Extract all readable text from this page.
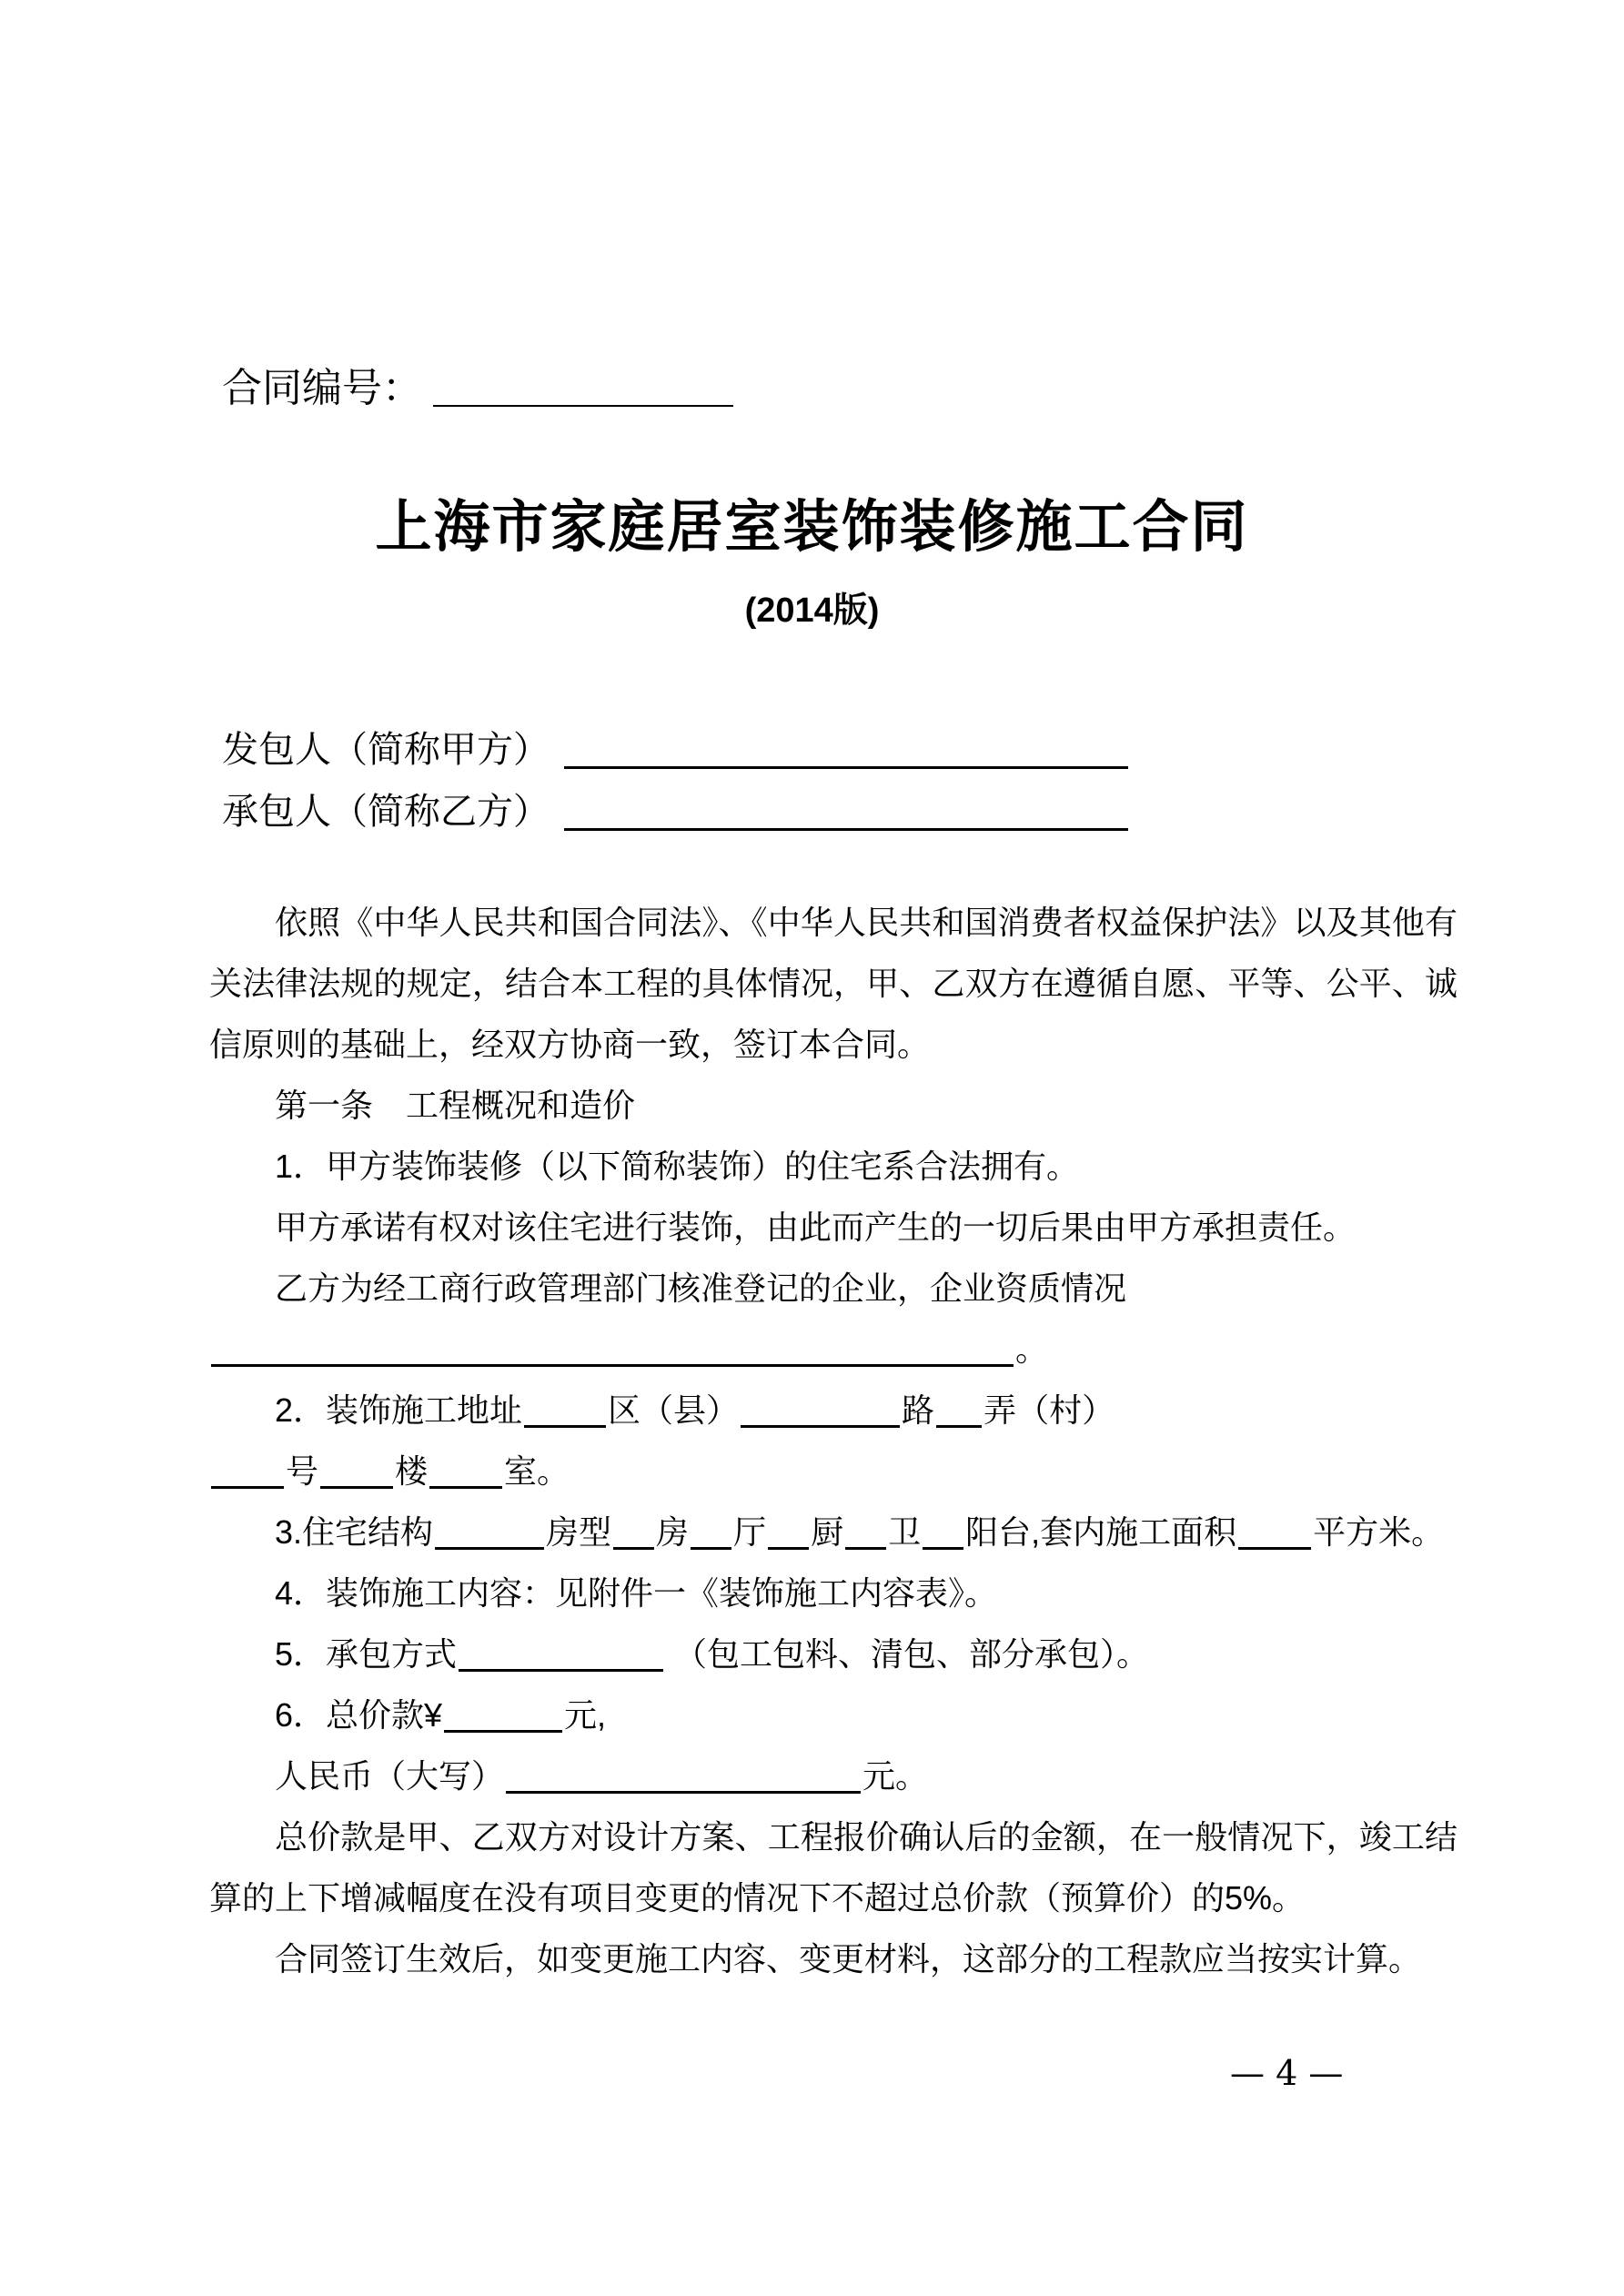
合同编号：
上海市家庭居室装饰装修施工合同
(2014版)
发包人（简称甲方）
承包人（简称乙方）

依照《中华人民共和国合同法》、《中华人民共和国消费者权益保护法》以及其他有关法律法规的规定，结合本工程的具体情况，甲、乙双方在遵循自愿、平等、公平、诚信原则的基础上，经双方协商一致，签订本合同。

第一条　工程概况和造价

1．甲方装饰装修（以下简称装饰）的住宅系合法拥有。

甲方承诺有权对该住宅进行装饰，由此而产生的一切后果由甲方承担责任。

乙方为经工商行政管理部门核准登记的企业，企业资质情况

。

2．装饰施工地址	区（县）	路 弄（村）

号 楼 室。

3.住宅结构	房型 房 厅 厨 卫 阳台,套内施工面积 平方米。

4．装饰施工内容：见附件一《装饰施工内容表》。

5．承包方式	（包工包料、清包、部分承包）。

6．总价款¥	元,

人民币（大写）	元。

总价款是甲、乙双方对设计方案、工程报价确认后的金额，在一般情况下，竣工结算的上下增减幅度在没有项目变更的情况下不超过总价款（预算价）的5%。

合同签订生效后，如变更施工内容、变更材料，这部分的工程款应当按实计算。

— 4 —
